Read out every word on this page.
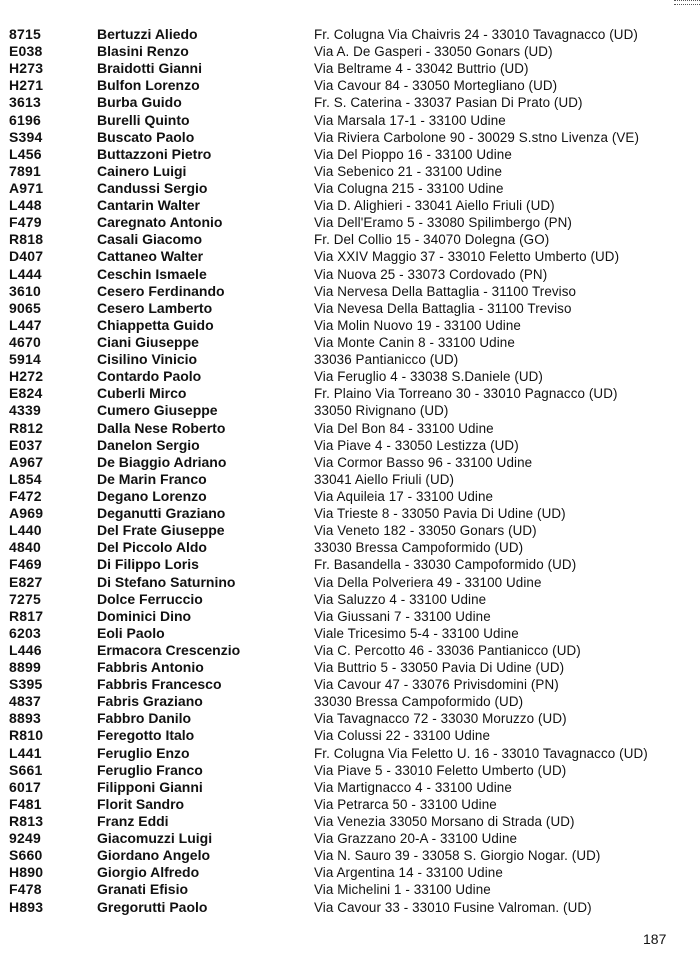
8715	Bertuzzi Aliedo	Fr. Colugna Via Chaivris 24 - 33010 Tavagnacco (UD)
E038	Blasini Renzo	Via A. De Gasperi - 33050 Gonars (UD)
H273	Braidotti Gianni	Via Beltrame 4 - 33042 Buttrio (UD)
H271	Bulfon Lorenzo	Via Cavour 84 - 33050 Mortegliano (UD)
3613	Burba Guido	Fr. S. Caterina - 33037 Pasian Di Prato (UD)
6196	Burelli Quinto	Via Marsala 17-1 - 33100 Udine
S394	Buscato Paolo	Via Riviera Carbolone 90 - 30029 S.stno Livenza (VE)
L456	Buttazzoni Pietro	Via Del Pioppo 16 - 33100 Udine
7891	Cainero Luigi	Via Sebenico 21 - 33100 Udine
A971	Candussi Sergio	Via Colugna 215 - 33100 Udine
L448	Cantarin Walter	Via D. Alighieri - 33041 Aiello Friuli (UD)
F479	Caregnato Antonio	Via Dell'Eramo 5 - 33080 Spilimbergo (PN)
R818	Casali Giacomo	Fr. Del Collio 15 - 34070 Dolegna (GO)
D407	Cattaneo Walter	Via XXIV Maggio 37 - 33010 Feletto Umberto (UD)
L444	Ceschin Ismaele	Via Nuova 25 - 33073 Cordovado (PN)
3610	Cesero Ferdinando	Via Nervesa Della Battaglia - 31100 Treviso
9065	Cesero Lamberto	Via Nevesa Della Battaglia - 31100 Treviso
L447	Chiappetta Guido	Via Molin Nuovo 19 - 33100 Udine
4670	Ciani Giuseppe	Via Monte Canin 8 - 33100 Udine
5914	Cisilino Vinicio	33036 Pantianicco (UD)
H272	Contardo Paolo	Via Feruglio 4 - 33038 S.Daniele (UD)
E824	Cuberli Mirco	Fr. Plaino Via Torreano 30 - 33010 Pagnacco (UD)
4339	Cumero Giuseppe	33050 Rivignano (UD)
R812	Dalla Nese Roberto	Via Del Bon 84 - 33100 Udine
E037	Danelon Sergio	Via Piave 4 - 33050 Lestizza (UD)
A967	De Biaggio Adriano	Via Cormor Basso 96 - 33100 Udine
L854	De Marin Franco	33041 Aiello Friuli (UD)
F472	Degano Lorenzo	Via Aquileia 17 - 33100 Udine
A969	Deganutti Graziano	Via Trieste 8 - 33050 Pavia Di Udine (UD)
L440	Del Frate Giuseppe	Via Veneto 182 - 33050 Gonars (UD)
4840	Del Piccolo Aldo	33030 Bressa Campoformido (UD)
F469	Di Filippo Loris	Fr. Basandella - 33030 Campoformido (UD)
E827	Di Stefano Saturnino	Via Della Polveriera 49 - 33100 Udine
7275	Dolce Ferruccio	Via Saluzzo 4 - 33100 Udine
R817	Dominici Dino	Via Giussani 7 - 33100 Udine
6203	Eoli Paolo	Viale Tricesimo 5-4 - 33100 Udine
L446	Ermacora Crescenzio	Via C. Percotto 46 - 33036 Pantianicco (UD)
8899	Fabbris Antonio	Via Buttrio 5 - 33050 Pavia Di Udine (UD)
S395	Fabbris Francesco	Via Cavour 47 - 33076 Privisdomini (PN)
4837	Fabris Graziano	33030 Bressa Campoformido (UD)
8893	Fabbro Danilo	Via Tavagnacco 72 - 33030 Moruzzo (UD)
R810	Feregotto Italo	Via Colussi 22 - 33100 Udine
L441	Feruglio Enzo	Fr. Colugna Via Feletto U. 16 - 33010 Tavagnacco (UD)
S661	Feruglio Franco	Via Piave 5 - 33010 Feletto Umberto (UD)
6017	Filipponi Gianni	Via Martignacco 4 - 33100 Udine
F481	Florit Sandro	Via Petrarca 50 - 33100 Udine
R813	Franz Eddi	Via Venezia 33050 Morsano di Strada (UD)
9249	Giacomuzzi Luigi	Via Grazzano 20-A - 33100 Udine
S660	Giordano Angelo	Via N. Sauro 39 - 33058 S. Giorgio Nogar. (UD)
H890	Giorgio Alfredo	Via Argentina 14 - 33100 Udine
F478	Granati Efisio	Via Michelini 1 - 33100 Udine
H893	Gregorutti Paolo	Via Cavour 33 - 33010 Fusine Valroman. (UD)
187
